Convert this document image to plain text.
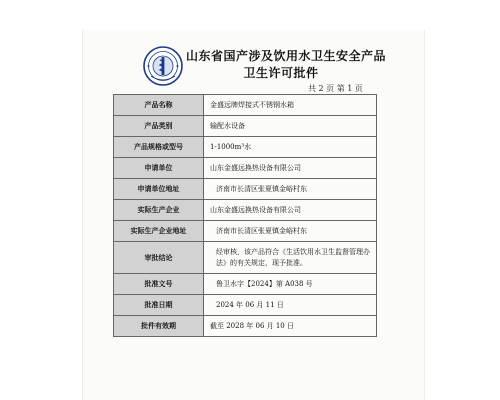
山东省国产涉及饮用水卫生安全产品
卫生许可批件
共 2 页 第 1 页
产品名称	金盛远牌焊接式不锈钢水箱
产品类别	输配水设备
产品规格或型号	1-1000m³水
申请单位	山东金盛远换热设备有限公司
申请单位地址	济南市长清区张夏镇金峪村东
实际生产企业	山东金盛远换热设备有限公司
实际生产企业地址	济南市长清区张夏镇金峪村东
审批结论	经审核，该产品符合《生活饮用水卫生监督管理办法》的有关规定，现予批准。
批准文号	鲁卫水字【2024】第 A038 号
批准日期	2024 年 06 月 11 日
批件有效期	截至 2028 年 06 月 10 日
